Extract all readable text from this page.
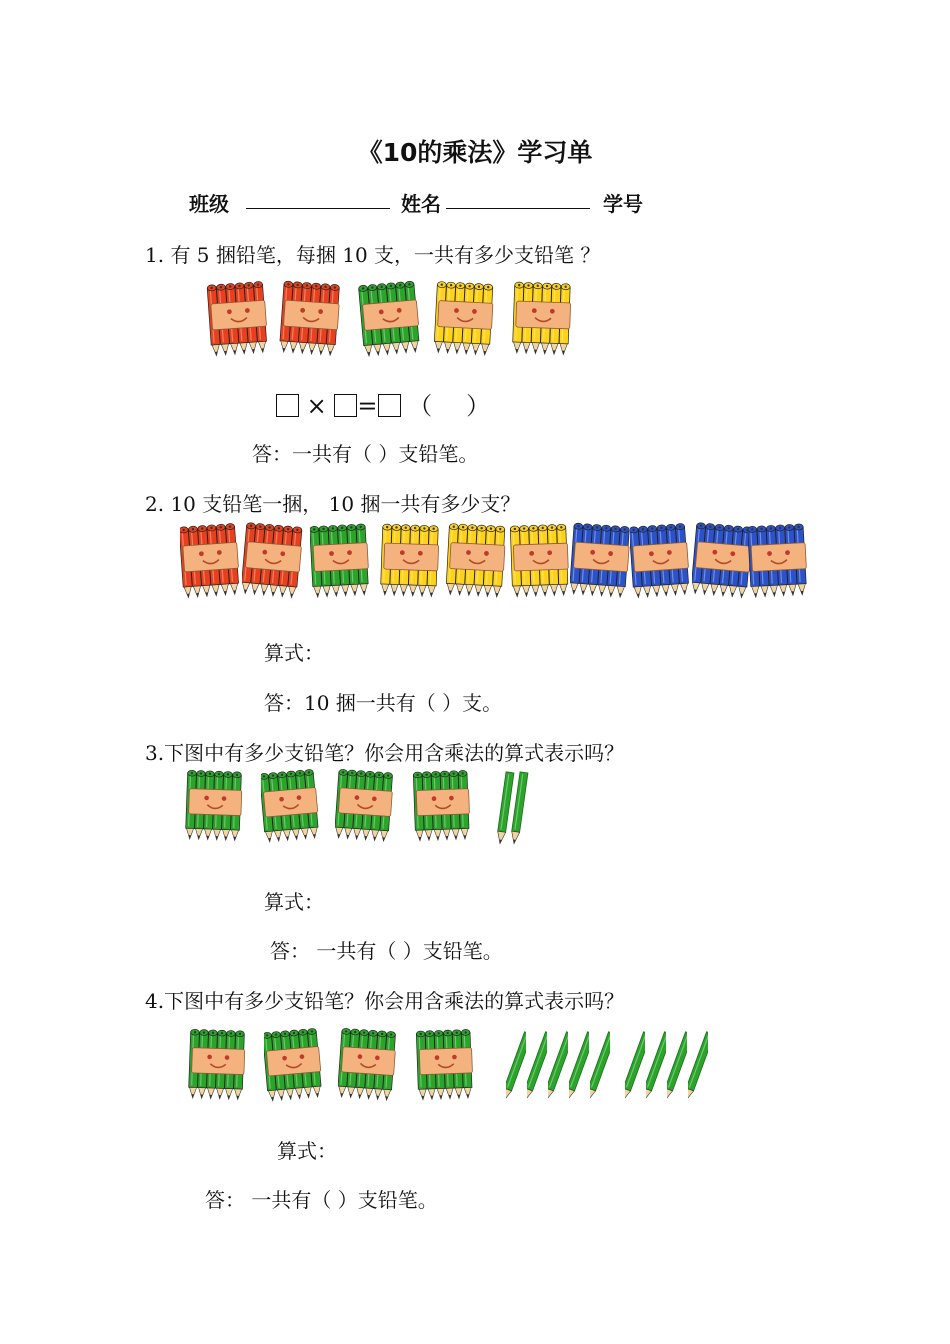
《10的乘法》学习单
班级	姓名	学号
1. 有 5 捆铅笔，每捆 10 支，一共有多少支铅笔 ？
× = （ ）
答：一共有（ ）支铅笔。
2. 10 支铅笔一捆， 10 捆一共有多少支？
算式：
答：10 捆一共有（ ）支。
3.下图中有多少支铅笔？你会用含乘法的算式表示吗？
算式：
答： 一共有（ ）支铅笔。
4.下图中有多少支铅笔？你会用含乘法的算式表示吗？
算式：
答： 一共有（ ）支铅笔。
